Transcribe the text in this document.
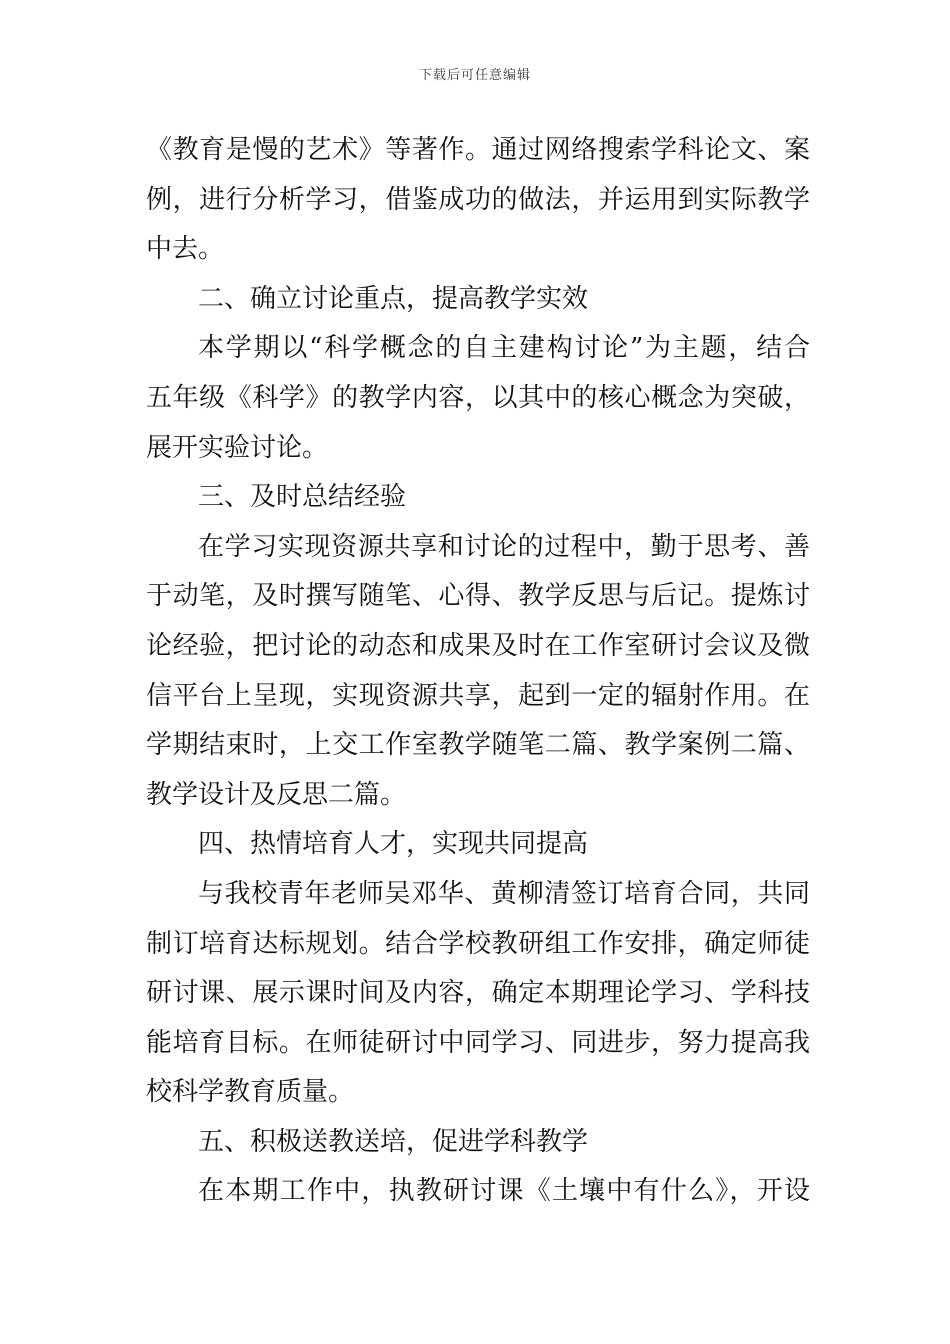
下载后可任意编辑
《教育是慢的艺术》等著作。通过网络搜索学科论文、案
例，进行分析学习，借鉴成功的做法，并运用到实际教学
中去。
二、确立讨论重点，提高教学实效
本学期以“科学概念的自主建构讨论”为主题，结合
五年级《科学》的教学内容，以其中的核心概念为突破，
展开实验讨论。
三、及时总结经验
在学习实现资源共享和讨论的过程中，勤于思考、善
于动笔，及时撰写随笔、心得、教学反思与后记。提炼讨
论经验，把讨论的动态和成果及时在工作室研讨会议及微
信平台上呈现，实现资源共享，起到一定的辐射作用。在
学期结束时，上交工作室教学随笔二篇、教学案例二篇、
教学设计及反思二篇。
四、热情培育人才，实现共同提高
与我校青年老师吴邓华、黄柳清签订培育合同，共同
制订培育达标规划。结合学校教研组工作安排，确定师徒
研讨课、展示课时间及内容，确定本期理论学习、学科技
能培育目标。在师徒研讨中同学习、同进步，努力提高我
校科学教育质量。
五、积极送教送培，促进学科教学
在本期工作中，执教研讨课《土壤中有什么》，开设
